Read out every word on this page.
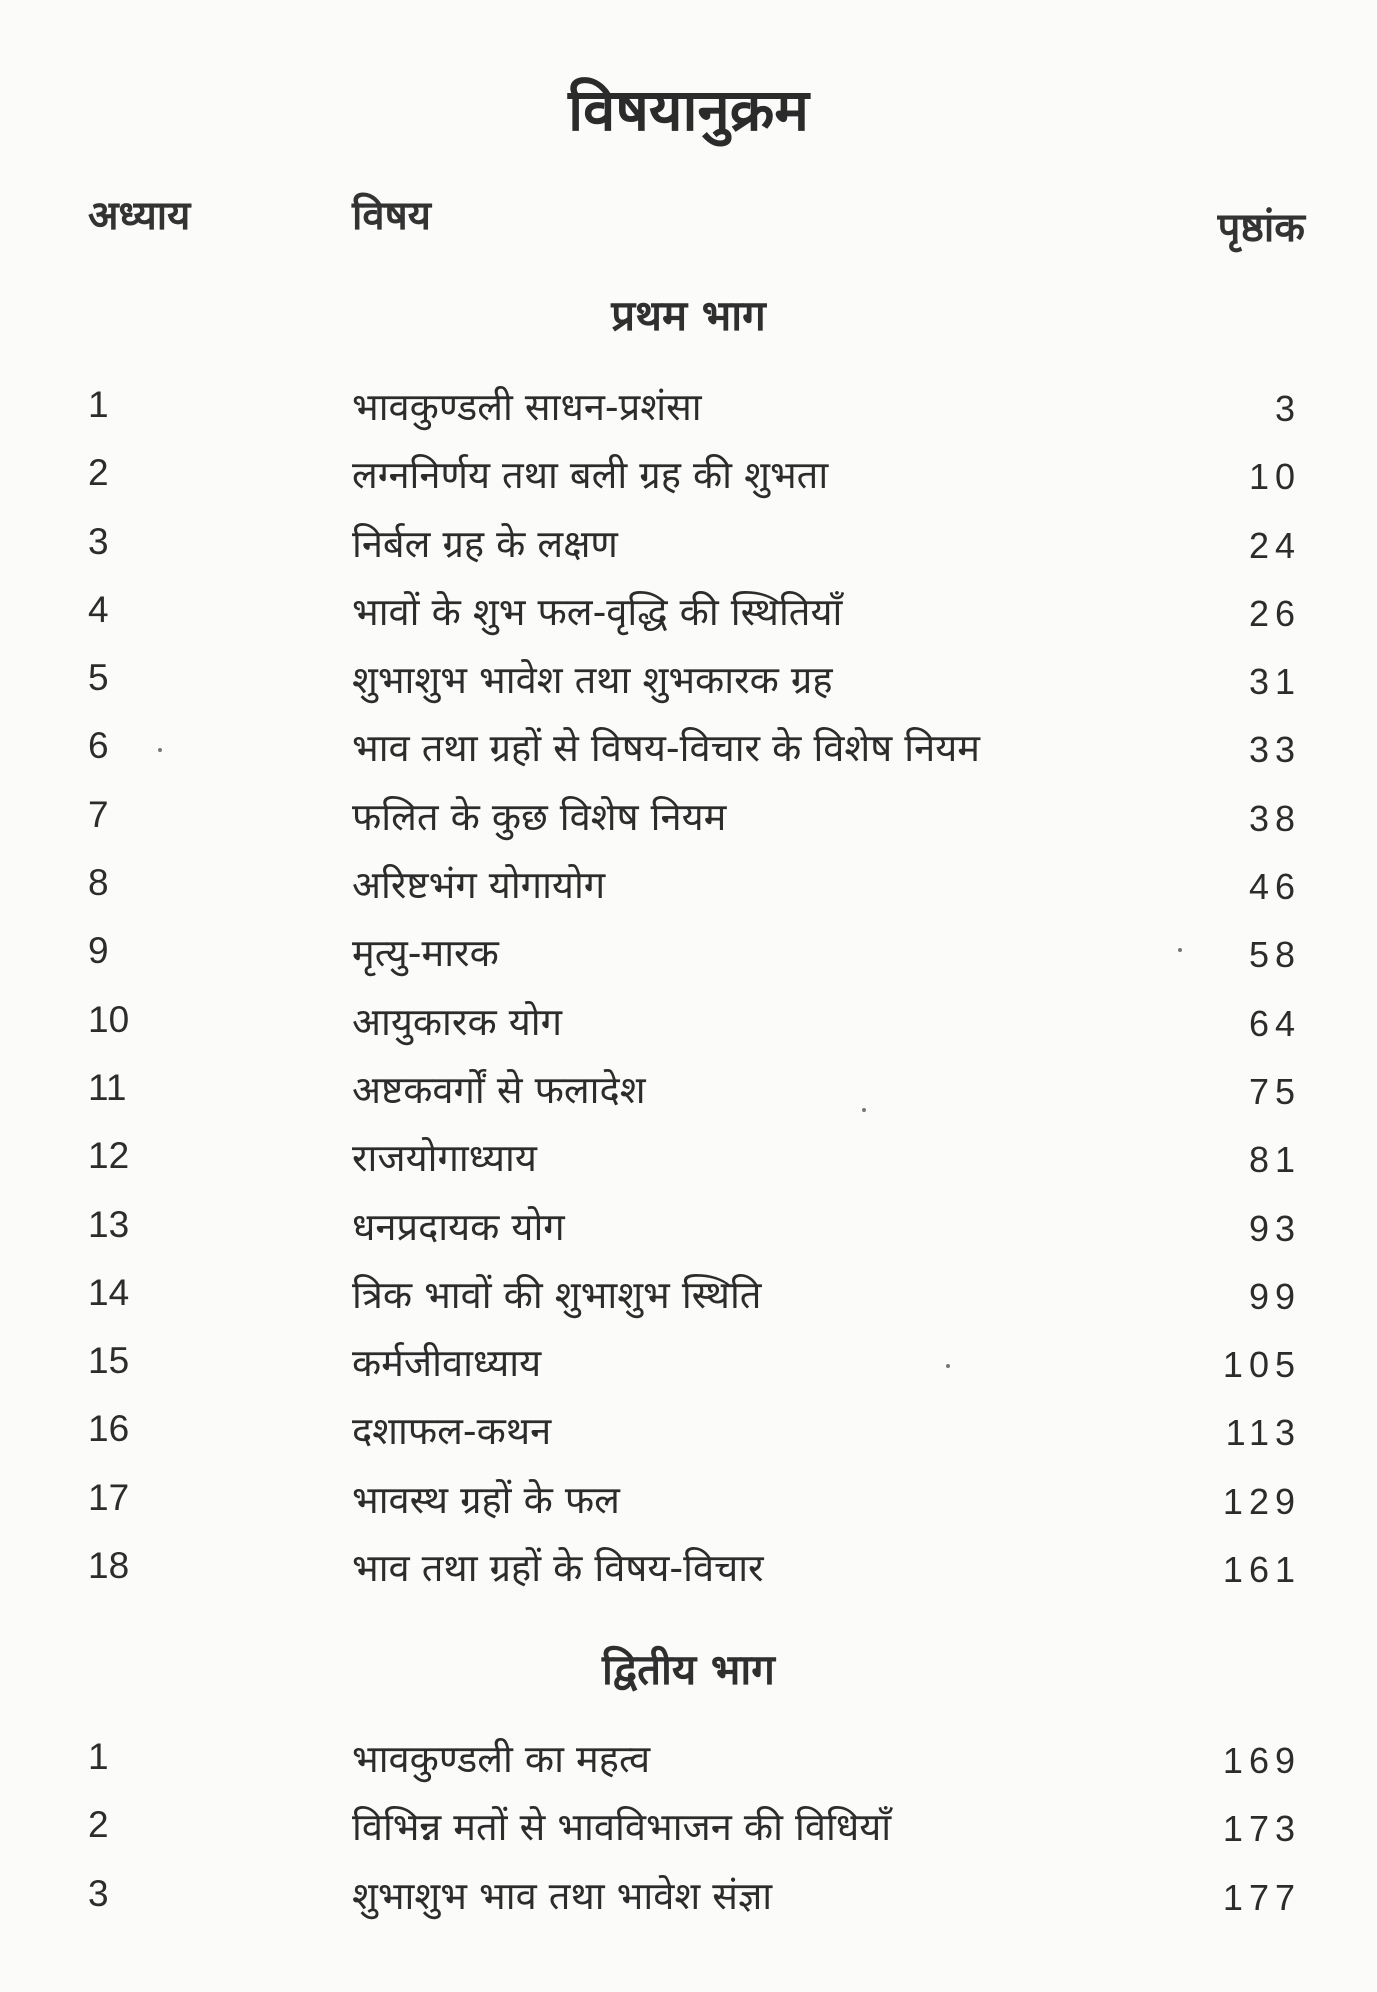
विषयानुक्रम
अध्याय	विषय	पृष्ठांक
प्रथम भाग
1	भावकुण्डली साधन-प्रशंसा	3
2	लग्ननिर्णय तथा बली ग्रह की शुभता	10
3	निर्बल ग्रह के लक्षण	24
4	भावों के शुभ फल-वृद्धि की स्थितियाँ	26
5	शुभाशुभ भावेश तथा शुभकारक ग्रह	31
6	भाव तथा ग्रहों से विषय-विचार के विशेष नियम	33
7	फलित के कुछ विशेष नियम	38
8	अरिष्टभंग योगायोग	46
9	मृत्यु-मारक	58
10	आयुकारक योग	64
11	अष्टकवर्गों से फलादेश	75
12	राजयोगाध्याय	81
13	धनप्रदायक योग	93
14	त्रिक भावों की शुभाशुभ स्थिति	99
15	कर्मजीवाध्याय	105
16	दशाफल-कथन	113
17	भावस्थ ग्रहों के फल	129
18	भाव तथा ग्रहों के विषय-विचार	161
द्वितीय भाग
1	भावकुण्डली का महत्व	169
2	विभिन्न मतों से भावविभाजन की विधियाँ	173
3	शुभाशुभ भाव तथा भावेश संज्ञा	177
